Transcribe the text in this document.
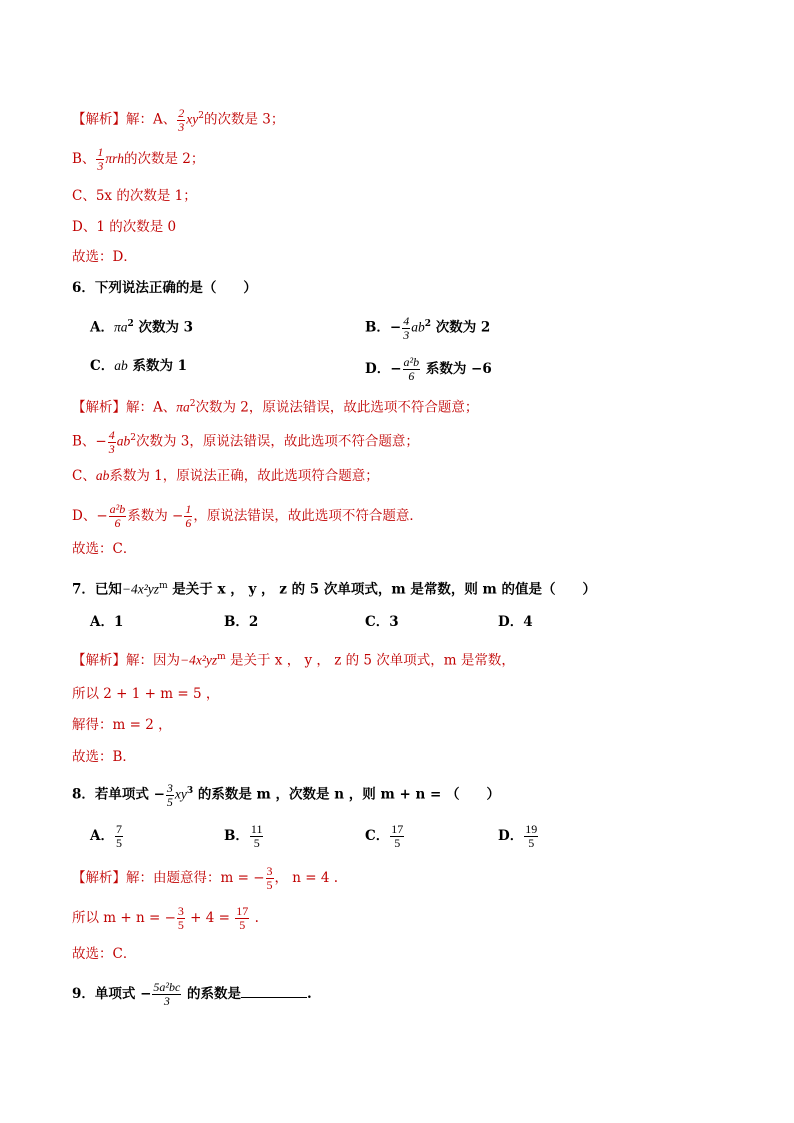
【解析】解：A、 $\frac{2}{3} xy^2$的次数是 3；
B、 $\frac{1}{3}$ πrh的次数是 2；
C、5x 的次数是 1；
D、1 的次数是 0
故选：D．
6．下列说法正确的是（　　）
A．$\pi a^2$ 次数为 3	B．− $\frac{4}{3} ab^2$ 次数为 2
C．ab 系数为 1	D．− $\frac{\text{a²b}}{6}$ 系数为 −6
【解析】解：A、$\pi a^2$次数为 2，原说法错误，故此选项不符合题意；
B、− $\frac{4}{3} ab^2$次数为 3，原说法错误，故此选项不符合题意；
C、ab系数为 1，原说法正确，故此选项符合题意；
D、− $\frac{\text{a²b}}{6}$ 系数为 − $\frac{1}{6}$ ，原说法错误，故此选项不符合题意．
故选：C．
7．已知$-4x^2yz^m$ 是关于 x ， y ， z 的 5 次单项式，m 是常数，则 m 的值是（　　）
A．1	B．2	C．3	D．4
【解析】解：因为$-4x^2yz^m$ 是关于 x ， y ， z 的 5 次单项式，m 是常数，
所以 2 + 1 + m = 5 ，
解得：m = 2 ，
故选：B．
8．若单项式 − $\frac{3}{5} xy^3$ 的系数是 m ，次数是 n ，则 m + n = （　　）
A． $\frac{7}{5}$	B． $\frac{11}{5}$	C． $\frac{17}{5}$	D． $\frac{19}{5}$
【解析】解：由题意得：m = − $\frac{3}{5}$ ， n = 4 .
所以 m + n = − $\frac{3}{5} + 4 = \frac{17}{5}$ .
故选：C．
9．单项式 − $\frac{\text{5a²bc}}{3}$ 的系数是	.
